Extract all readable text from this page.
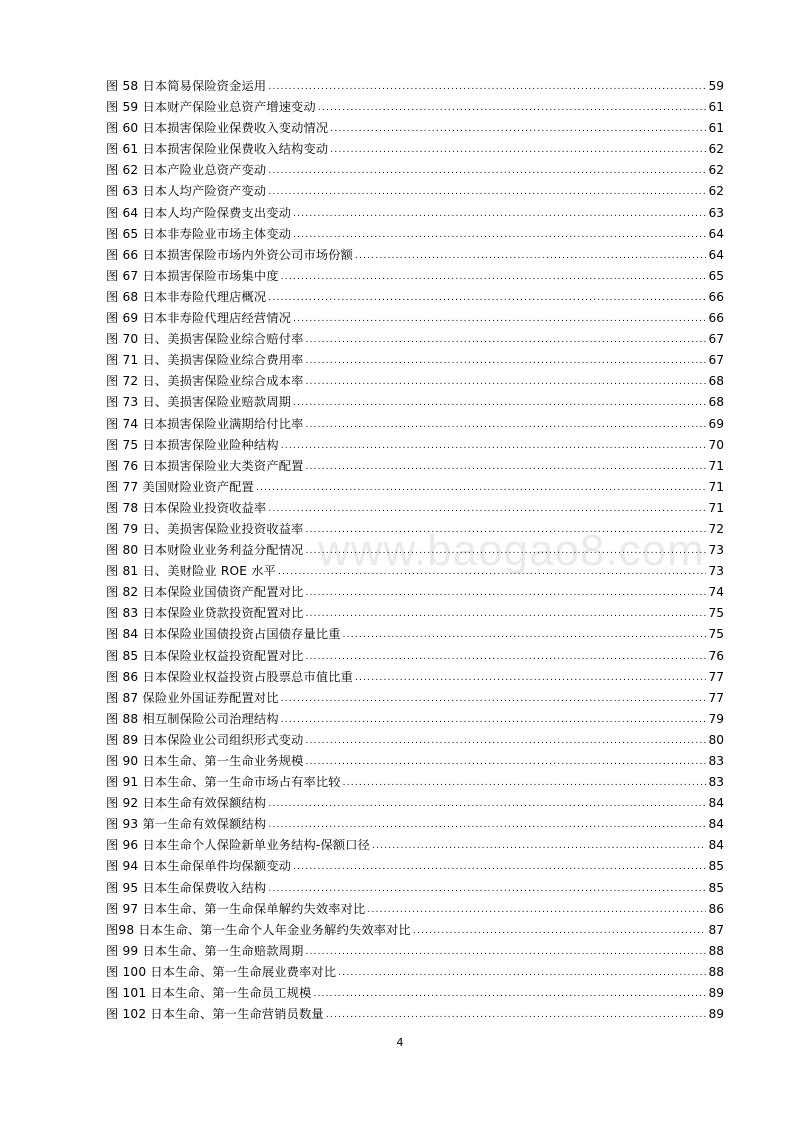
www.baogao8.com
图 58 日本简易保险资金运用 .....	59
图 59 日本财产保险业总资产增速变动 .....	61
图 60 日本损害保险业保费收入变动情况 .....	61
图 61 日本损害保险业保费收入结构变动 .....	62
图 62 日本产险业总资产变动 .....	62
图 63 日本人均产险资产变动 .....	62
图 64 日本人均产险保费支出变动 .....	63
图 65 日本非寿险业市场主体变动 .....	64
图 66 日本损害保险市场内外资公司市场份额 .....	64
图 67 日本损害保险市场集中度 .....	65
图 68 日本非寿险代理店概况 .....	66
图 69 日本非寿险代理店经营情况 .....	66
图 70 日、美损害保险业综合赔付率 .....	67
图 71 日、美损害保险业综合费用率 .....	67
图 72 日、美损害保险业综合成本率 .....	68
图 73 日、美损害保险业赔款周期 .....	68
图 74 日本损害保险业满期给付比率 .....	69
图 75 日本损害保险业险种结构 .....	70
图 76 日本损害保险业大类资产配置 .....	71
图 77 美国财险业资产配置 .....	71
图 78 日本保险业投资收益率 .....	71
图 79 日、美损害保险业投资收益率 .....	72
图 80 日本财险业业务利益分配情况 .....	73
图 81 日、美财险业 ROE 水平 .....	73
图 82 日本保险业国债资产配置对比 .....	74
图 83 日本保险业贷款投资配置对比 .....	75
图 84 日本保险业国债投资占国债存量比重 .....	75
图 85 日本保险业权益投资配置对比 .....	76
图 86 日本保险业权益投资占股票总市值比重 .....	77
图 87 保险业外国证券配置对比 .....	77
图 88 相互制保险公司治理结构 .....	79
图 89 日本保险业公司组织形式变动 .....	80
图 90 日本生命、第一生命业务规模 .....	83
图 91 日本生命、第一生命市场占有率比较 .....	83
图 92 日本生命有效保额结构 .....	84
图 93 第一生命有效保额结构 .....	84
图 96 日本生命个人保险新单业务结构-保额口径 .....	84
图 94 日本生命保单件均保额变动 .....	85
图 95 日本生命保费收入结构 .....	85
图 97 日本生命、第一生命保单解约失效率对比 .....	86
图98 日本生命、第一生命个人年金业务解约失效率对比 .....	87
图 99 日本生命、第一生命赔款周期 .....	88
图 100 日本生命、第一生命展业费率对比 .....	88
图 101 日本生命、第一生命员工规模 .....	89
图 102 日本生命、第一生命营销员数量 .....	89
4
